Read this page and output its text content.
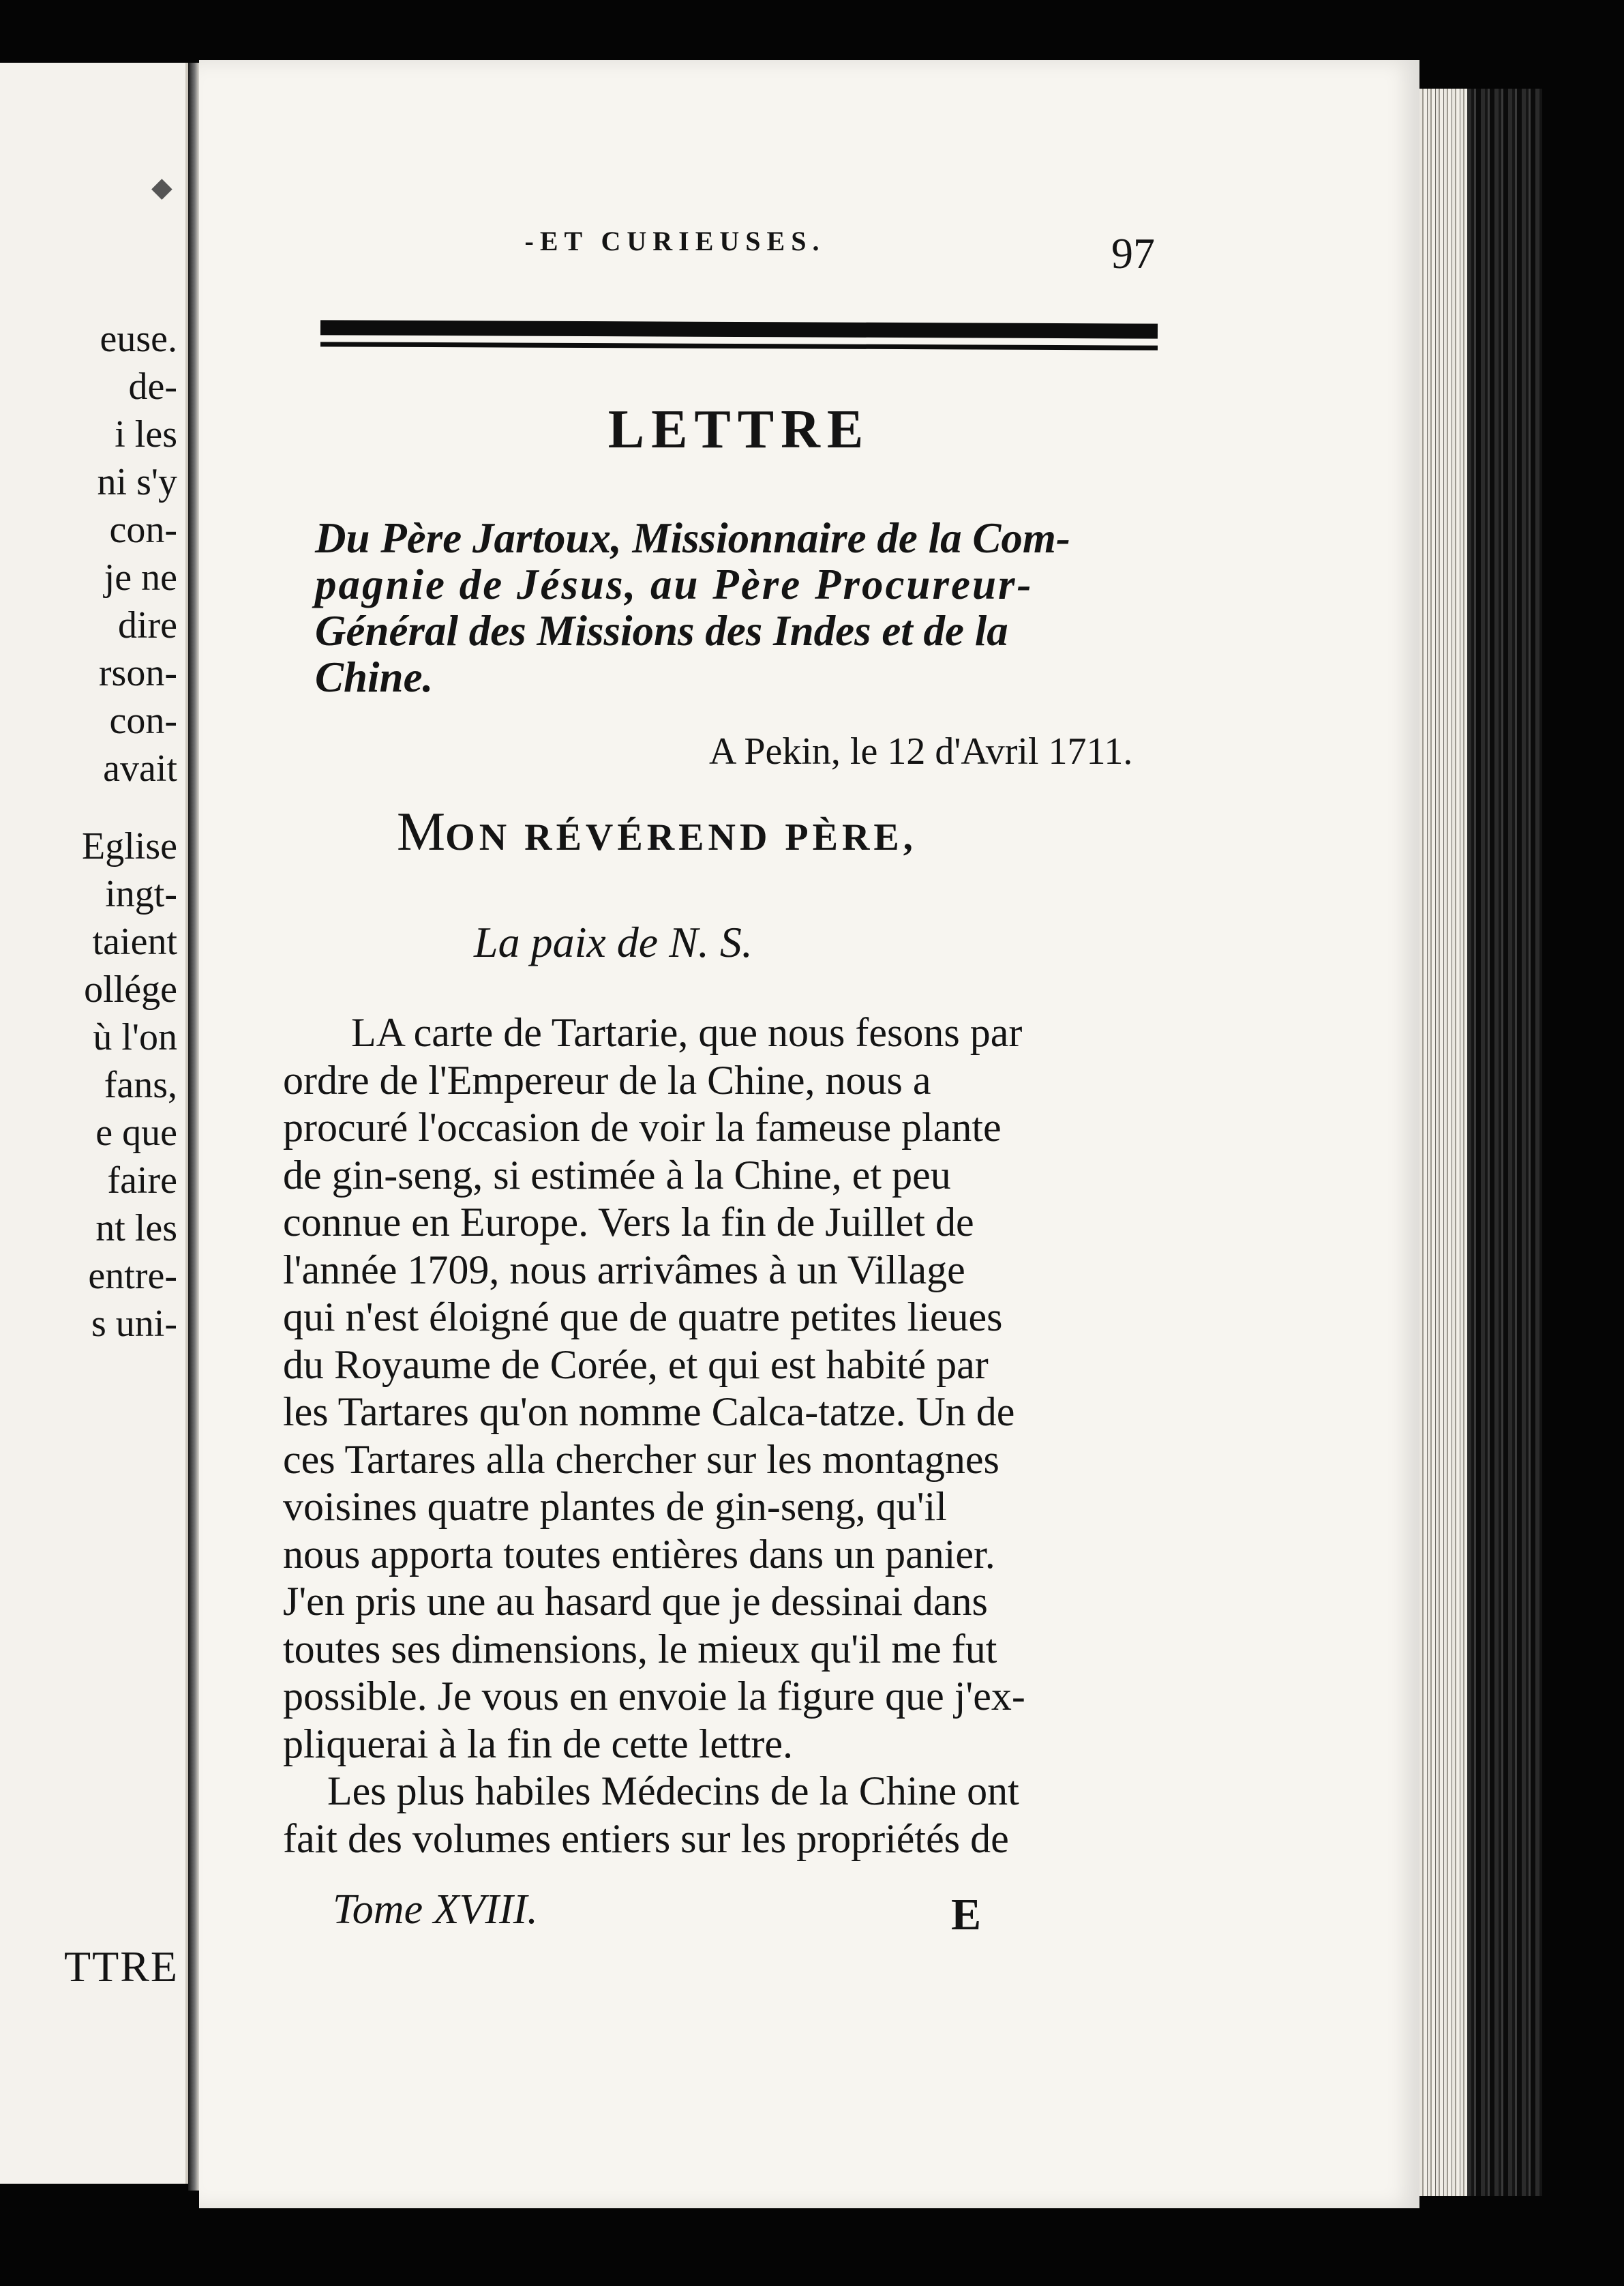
◆
euse.
de-
i les
ni s'y
con-
je ne
dire
rson-
con-
avait
Eglise
ingt-
taient
ollége
ù l'on
fans,
e que
faire
nt les
entre-
s uni-
TTRE
-ET CURIEUSES.	97
LETTRE
Du Père Jartoux, Missionnaire de la Com-
pagnie de Jésus, au Père Procureur-
Général des Missions des Indes et de la
Chine.
A Pekin, le 12 d'Avril 1711.
MON RÉVÉREND PÈRE,
La paix de N. S.
LA carte de Tartarie, que nous fesons par
ordre de l'Empereur de la Chine, nous a
procuré l'occasion de voir la fameuse plante
de gin-seng, si estimée à la Chine, et peu
connue en Europe. Vers la fin de Juillet de
l'année 1709, nous arrivâmes à un Village
qui n'est éloigné que de quatre petites lieues
du Royaume de Corée, et qui est habité par
les Tartares qu'on nomme Calca-tatze. Un de
ces Tartares alla chercher sur les montagnes
voisines quatre plantes de gin-seng, qu'il
nous apporta toutes entières dans un panier.
J'en pris une au hasard que je dessinai dans
toutes ses dimensions, le mieux qu'il me fut
possible. Je vous en envoie la figure que j'ex-
pliquerai à la fin de cette lettre.
Les plus habiles Médecins de la Chine ont
fait des volumes entiers sur les propriétés de
Tome XVIII.	E
